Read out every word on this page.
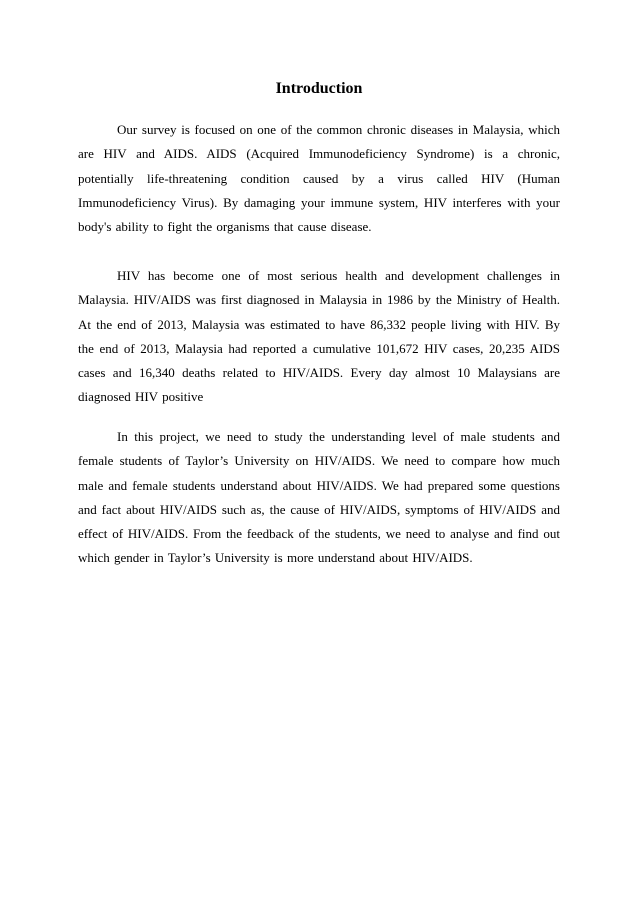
Introduction

Our survey is focused on one of the common chronic diseases in Malaysia, which are HIV and AIDS. AIDS (Acquired Immunodeficiency Syndrome) is a chronic, potentially life-threatening condition caused by a virus called HIV (Human Immunodeficiency Virus). By damaging your immune system, HIV interferes with your body's ability to fight the organisms that cause disease.

HIV has become one of most serious health and development challenges in Malaysia. HIV/AIDS was first diagnosed in Malaysia in 1986 by the Ministry of Health. At the end of 2013, Malaysia was estimated to have 86,332 people living with HIV. By the end of 2013, Malaysia had reported a cumulative 101,672 HIV cases, 20,235 AIDS cases and 16,340 deaths related to HIV/AIDS. Every day almost 10 Malaysians are diagnosed HIV positive

In this project, we need to study the understanding level of male students and female students of Taylor’s University on HIV/AIDS. We need to compare how much male and female students understand about HIV/AIDS. We had prepared some questions and fact about HIV/AIDS such as, the cause of HIV/AIDS, symptoms of HIV/AIDS and effect of HIV/AIDS. From the feedback of the students, we need to analyse and find out which gender in Taylor’s University is more understand about HIV/AIDS.
